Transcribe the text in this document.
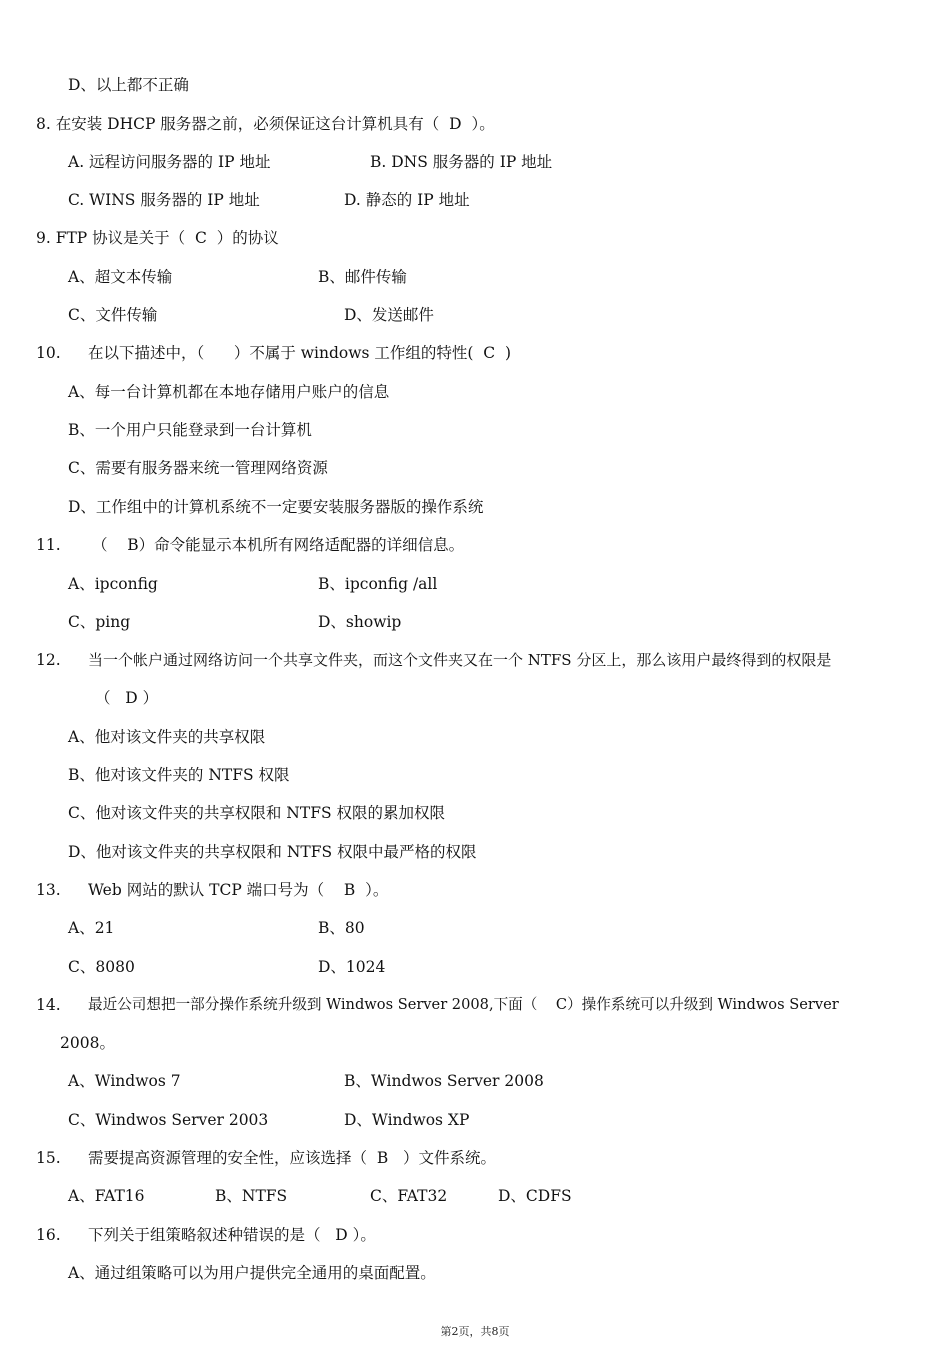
D、以上都不正确
8. 在安装 DHCP 服务器之前，必须保证这台计算机具有（  D  ）。
A. 远程访问服务器的 IP 地址	B. DNS 服务器的 IP 地址
C. WINS 服务器的 IP 地址	D. 静态的 IP 地址
9. FTP 协议是关于（  C  ）的协议
A、超文本传输	B、邮件传输
C、文件传输	D、发送邮件
10. 在以下描述中，（      ）不属于 windows 工作组的特性(  C  )
A、每一台计算机都在本地存储用户账户的信息
B、一个用户只能登录到一台计算机
C、需要有服务器来统一管理网络资源
D、工作组中的计算机系统不一定要安装服务器版的操作系统
11. （    B）命令能显示本机所有网络适配器的详细信息。
A、ipconfig	B、ipconfig /all
C、ping	D、showip
12. 当一个帐户通过网络访问一个共享文件夹，而这个文件夹又在一个 NTFS 分区上，那么该用户最终得到的权限是
（   D ）
A、他对该文件夹的共享权限
B、他对该文件夹的 NTFS 权限
C、他对该文件夹的共享权限和 NTFS 权限的累加权限
D、他对该文件夹的共享权限和 NTFS 权限中最严格的权限
13. Web 网站的默认 TCP 端口号为（    B  ）。
A、21	B、80
C、8080	D、1024
14. 最近公司想把一部分操作系统升级到 Windwos Server 2008,下面（    C）操作系统可以升级到 Windwos Server
2008。
A、Windwos 7	B、Windwos Server 2008
C、Windwos Server 2003	D、Windwos XP
15. 需要提高资源管理的安全性，应该选择（  B   ）文件系统。
A、FAT16	B、NTFS	C、FAT32	D、CDFS
16. 下列关于组策略叙述种错误的是（   D ）。
A、通过组策略可以为用户提供完全通用的桌面配置。
第2页，共8页
